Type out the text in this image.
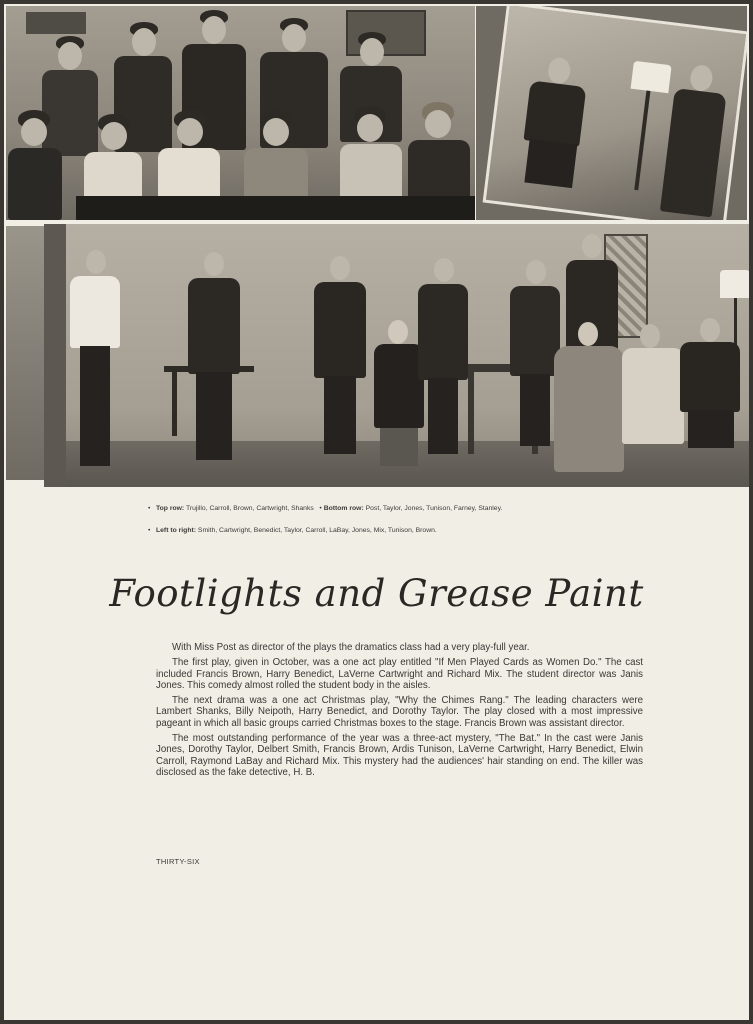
• Top row: Trujillo, Carroll, Brown, Cartwright, Shanks   • Bottom row: Post, Taylor, Jones, Tunison, Farney, Stanley.
• Left to right: Smith, Cartwright, Benedict, Taylor, Carroll, LaBay, Jones, Mix, Tunison, Brown.
Footlights and Grease Paint

With Miss Post as director of the plays the dramatics class had a very play-full year.

The first play, given in October, was a one act play entitled "If Men Played Cards as Women Do." The cast included Francis Brown, Harry Benedict, LaVerne Cartwright and Richard Mix. The student director was Janis Jones. This comedy almost rolled the student body in the aisles.

The next drama was a one act Christmas play, "Why the Chimes Rang." The leading characters were Lambert Shanks, Billy Neipoth, Harry Benedict, and Dorothy Taylor. The play closed with a most impressive pageant in which all basic groups carried Christmas boxes to the stage. Francis Brown was assistant director.

The most outstanding performance of the year was a three-act mystery, "The Bat." In the cast were Janis Jones, Dorothy Taylor, Delbert Smith, Francis Brown, Ardis Tunison, LaVerne Cartwright, Harry Benedict, Elwin Carroll, Raymond LaBay and Richard Mix. This mystery had the audiences' hair standing on end. The killer was disclosed as the fake detective, H. B.

THIRTY-SIX
